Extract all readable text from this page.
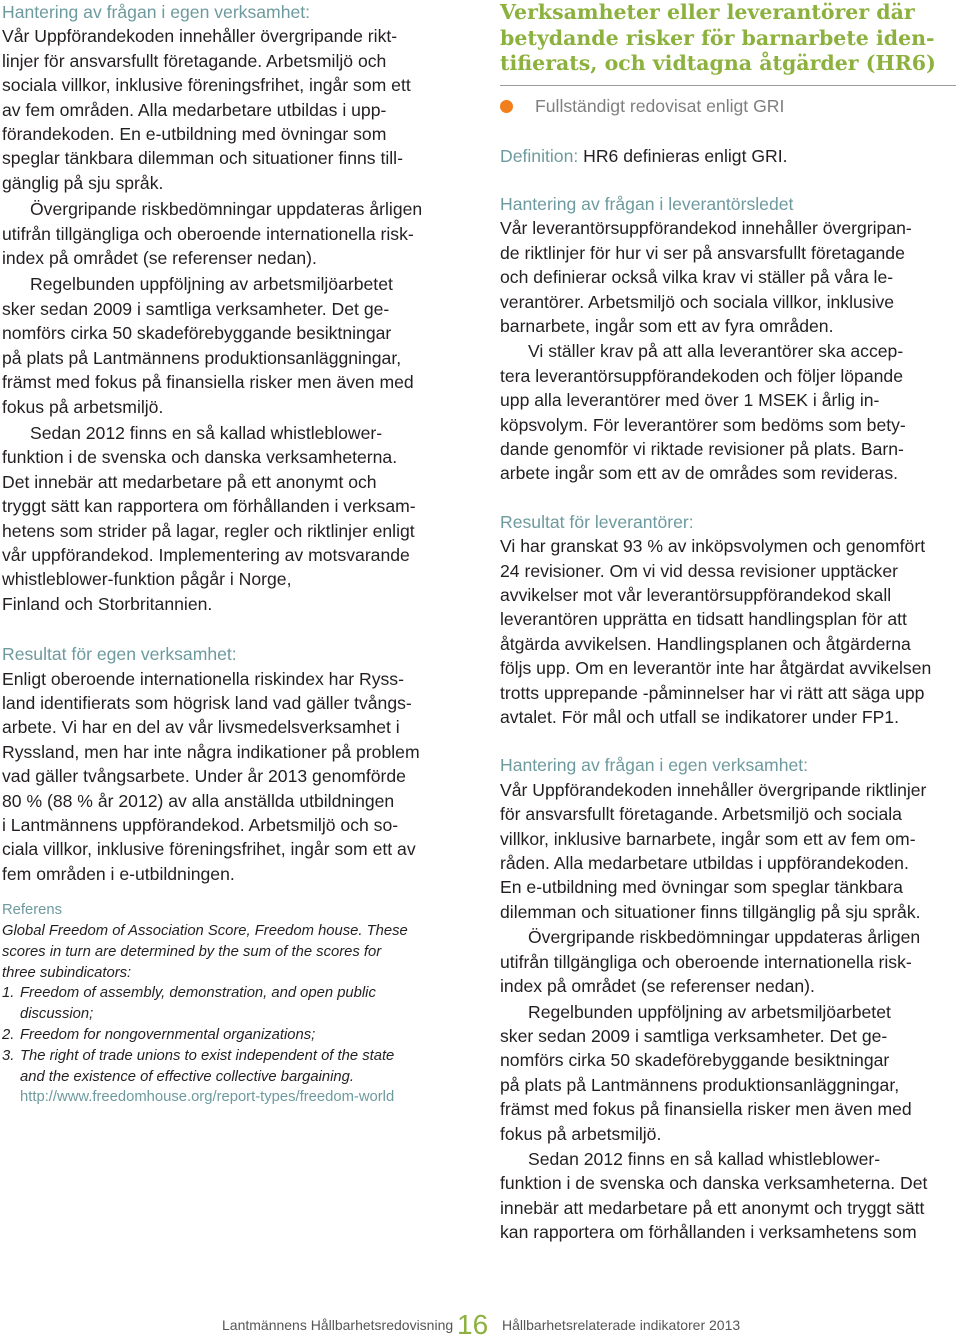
Hantering av frågan i egen verksamhet:

Vår Uppförandekoden innehåller övergripande rikt-

linjer för ansvarsfullt företagande. Arbetsmiljö och

sociala villkor, inklusive föreningsfrihet, ingår som ett

av fem områden. Alla medarbetare utbildas i upp-

förandekoden. En e-utbildning med övningar som

speglar tänkbara dilemman och situationer finns till-

gänglig på sju språk.

Övergripande riskbedömningar uppdateras årligen

utifrån tillgängliga och oberoende internationella risk-

index på området (se referenser nedan).

Regelbunden uppföljning av arbetsmiljöarbetet

sker sedan 2009 i samtliga verksamheter. Det ge-

nomförs cirka 50 skadeförebyggande besiktningar

på plats på Lantmännens produktionsanläggningar,

främst med fokus på finansiella risker men även med

fokus på arbetsmiljö.

Sedan 2012 finns en så kallad whistleblower-

funktion i de svenska och danska verksamheterna.

Det innebär att medarbetare på ett anonymt och

tryggt sätt kan rapportera om förhållanden i verksam-

hetens som strider på lagar, regler och riktlinjer enligt

vår uppförandekod. Implementering av motsvarande

whistleblower-funktion pågår i Norge,

Finland och Storbritannien.

Resultat för egen verksamhet:

Enligt oberoende internationella riskindex har Ryss-

land identifierats som högrisk land vad gäller tvångs-

arbete. Vi har en del av vår livsmedelsverksamhet i

Ryssland, men har inte några indikationer på problem

vad gäller tvångsarbete. Under år 2013 genomförde

80 % (88 % år 2012) av alla anställda utbildningen

i Lantmännens uppförandekod. Arbetsmiljö och so-

ciala villkor, inklusive föreningsfrihet, ingår som ett av

fem områden i e-utbildningen.

Referens

Global Freedom of Association Score, Freedom house. These

scores in turn are determined by the sum of the scores for

three subindicators:

1. Freedom of assembly, demonstration, and open public

discussion;

2. Freedom for nongovernmental organizations;

3. The right of trade unions to exist independent of the state

and the existence of effective collective bargaining.

http://www.freedomhouse.org/report-types/freedom-world

Verksamheter eller leverantörer där

betydande risker för barnarbete iden-

tifierats, och vidtagna åtgärder (HR6)

Fullständigt redovisat enligt GRI

Definition: HR6 definieras enligt GRI.

Hantering av frågan i leverantörsledet

Vår leverantörsuppförandekod innehåller övergripan-

de riktlinjer för hur vi ser på ansvarsfullt företagande

och definierar också vilka krav vi ställer på våra le-

verantörer. Arbetsmiljö och sociala villkor, inklusive

barnarbete, ingår som ett av fyra områden.

Vi ställer krav på att alla leverantörer ska accep-

tera leverantörsuppförandekoden och följer löpande

upp alla leverantörer med över 1 MSEK i årlig in-

köpsvolym. För leverantörer som bedöms som bety-

dande genomför vi riktade revisioner på plats. Barn-

arbete ingår som ett av de områdes som revideras.

Resultat för leverantörer:

Vi har granskat 93 % av inköpsvolymen och genomfört

24 revisioner. Om vi vid dessa revisioner upptäcker

avvikelser mot vår leverantörsuppförandekod skall

leverantören upprätta en tidsatt handlingsplan för att

åtgärda avvikelsen. Handlingsplanen och åtgärderna

följs upp. Om en leverantör inte har åtgärdat avvikelsen

trotts upprepande -påminnelser har vi rätt att säga upp

avtalet. För mål och utfall se indikatorer under FP1.

Hantering av frågan i egen verksamhet:

Vår Uppförandekoden innehåller övergripande riktlinjer

för ansvarsfullt företagande. Arbetsmiljö och sociala

villkor, inklusive barnarbete, ingår som ett av fem om-

råden. Alla medarbetare utbildas i uppförandekoden.

En e-utbildning med övningar som speglar tänkbara

dilemman och situationer finns tillgänglig på sju språk.

Övergripande riskbedömningar uppdateras årligen

utifrån tillgängliga och oberoende internationella risk-

index på området (se referenser nedan).

Regelbunden uppföljning av arbetsmiljöarbetet

sker sedan 2009 i samtliga verksamheter. Det ge-

nomförs cirka 50 skadeförebyggande besiktningar

på plats på Lantmännens produktionsanläggningar,

främst med fokus på finansiella risker men även med

fokus på arbetsmiljö.

Sedan 2012 finns en så kallad whistleblower-

funktion i de svenska och danska verksamheterna. Det

innebär att medarbetare på ett anonymt och tryggt sätt

kan rapportera om förhållanden i verksamhetens som

Lantmännens Hållbarhetsredovisning 16 Hållbarhetsrelaterade indikatorer 2013
